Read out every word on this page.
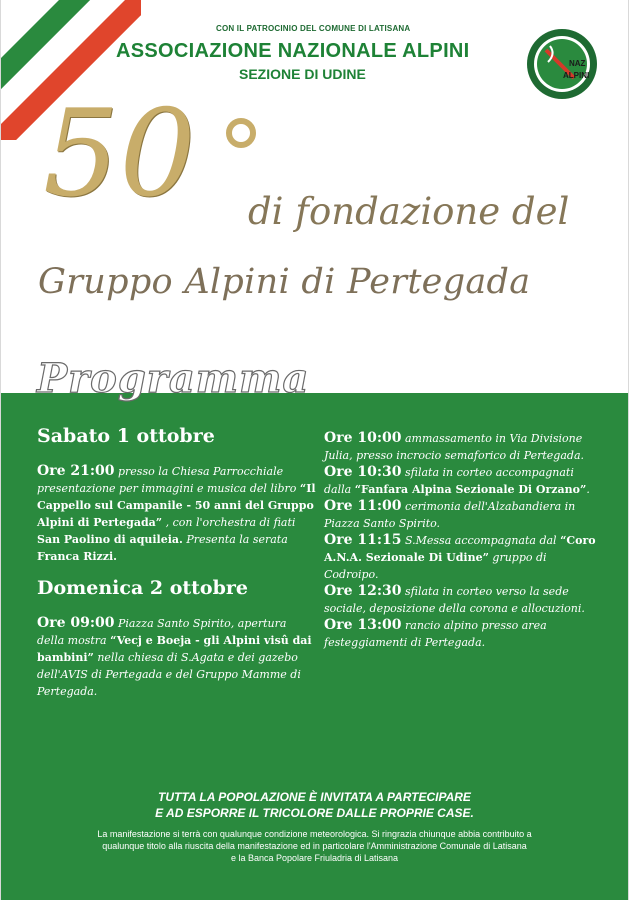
CON IL PATROCINIO DEL COMUNE DI LATISANA
ASSOCIAZIONE NAZIONALE ALPINI
SEZIONE DI UDINE
NAZ
ALPINI
50 di fondazione del
Gruppo Alpini di Pertegada
Programma
Sabato 1 ottobre
Ore 21:00 presso la Chiesa Parrocchiale presentazione per immagini e musica del libro “Il Cappello sul Campanile - 50 anni del Gruppo Alpini di Pertegada” , con l'orchestra di fiati San Paolino di aquileia. Presenta la serata Franca Rizzi.
Domenica 2 ottobre
Ore 09:00 Piazza Santo Spirito, apertura della mostra “Vecj e Boeja - gli Alpini visû dai bambini” nella chiesa di S.Agata e dei gazebo dell'AVIS di Pertegada e del Gruppo Mamme di Pertegada.
Ore 10:00 ammassamento in Via Divisione Julia, presso incrocio semaforico di Pertegada.
Ore 10:30 sfilata in corteo accompagnati dalla “Fanfara Alpina Sezionale Di Orzano”.
Ore 11:00 cerimonia dell'Alzabandiera in Piazza Santo Spirito.
Ore 11:15 S.Messa accompagnata dal “Coro A.N.A. Sezionale Di Udine” gruppo di Codroipo.
Ore 12:30 sfilata in corteo verso la sede sociale, deposizione della corona e allocuzioni.
Ore 13:00 rancio alpino presso area festeggiamenti di Pertegada.
TUTTA LA POPOLAZIONE È INVITATA A PARTECIPARE
E AD ESPORRE IL TRICOLORE DALLE PROPRIE CASE.
La manifestazione si terrà con qualunque condizione meteorologica. Si ringrazia chiunque abbia contribuito a
qualunque titolo alla riuscita della manifestazione ed in particolare l'Amministrazione Comunale di Latisana
e la Banca Popolare Friuladria di Latisana
